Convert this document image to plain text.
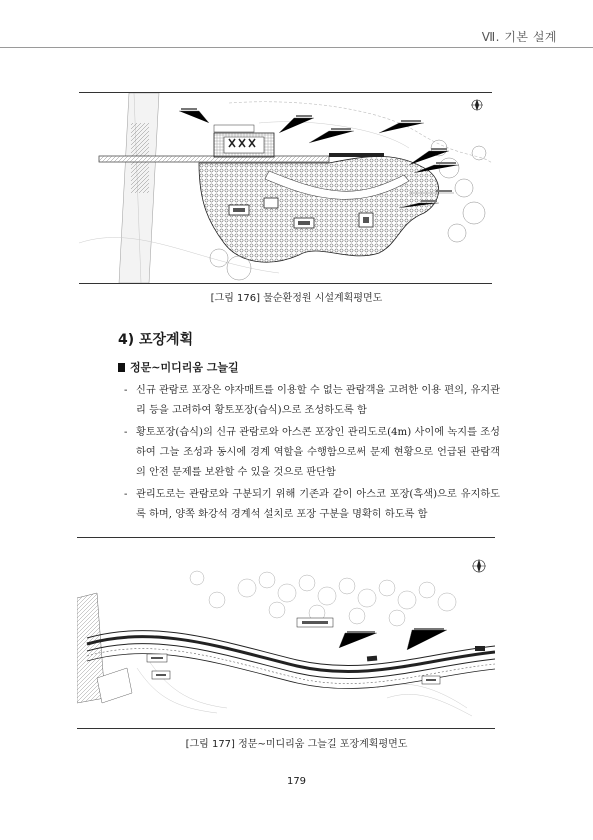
Ⅶ. 기본 설계
[그림 176] 물순환정원 시설계획평면도
4) 포장계획
정문~미디리움 그늘길
- 신규 관람로 포장은 야자매트를 이용할 수 없는 관람객을 고려한 이용 편의, 유지관리 등을 고려하여 황토포장(습식)으로 조성하도록 함
- 황토포장(습식)의 신규 관람로와 아스콘 포장인 관리도로(4m) 사이에 녹지를 조성하여 그늘 조성과 동시에 경계 역할을 수행함으로써 문제 현황으로 언급된 관람객의 안전 문제를 보완할 수 있을 것으로 판단함
- 관리도로는 관람로와 구분되기 위해 기존과 같이 아스코 포장(흑색)으로 유지하도록 하며, 양쪽 화강석 경계석 설치로 포장 구분을 명확히 하도록 함
[그림 177] 정문~미디리움 그늘길 포장계획평면도
179
